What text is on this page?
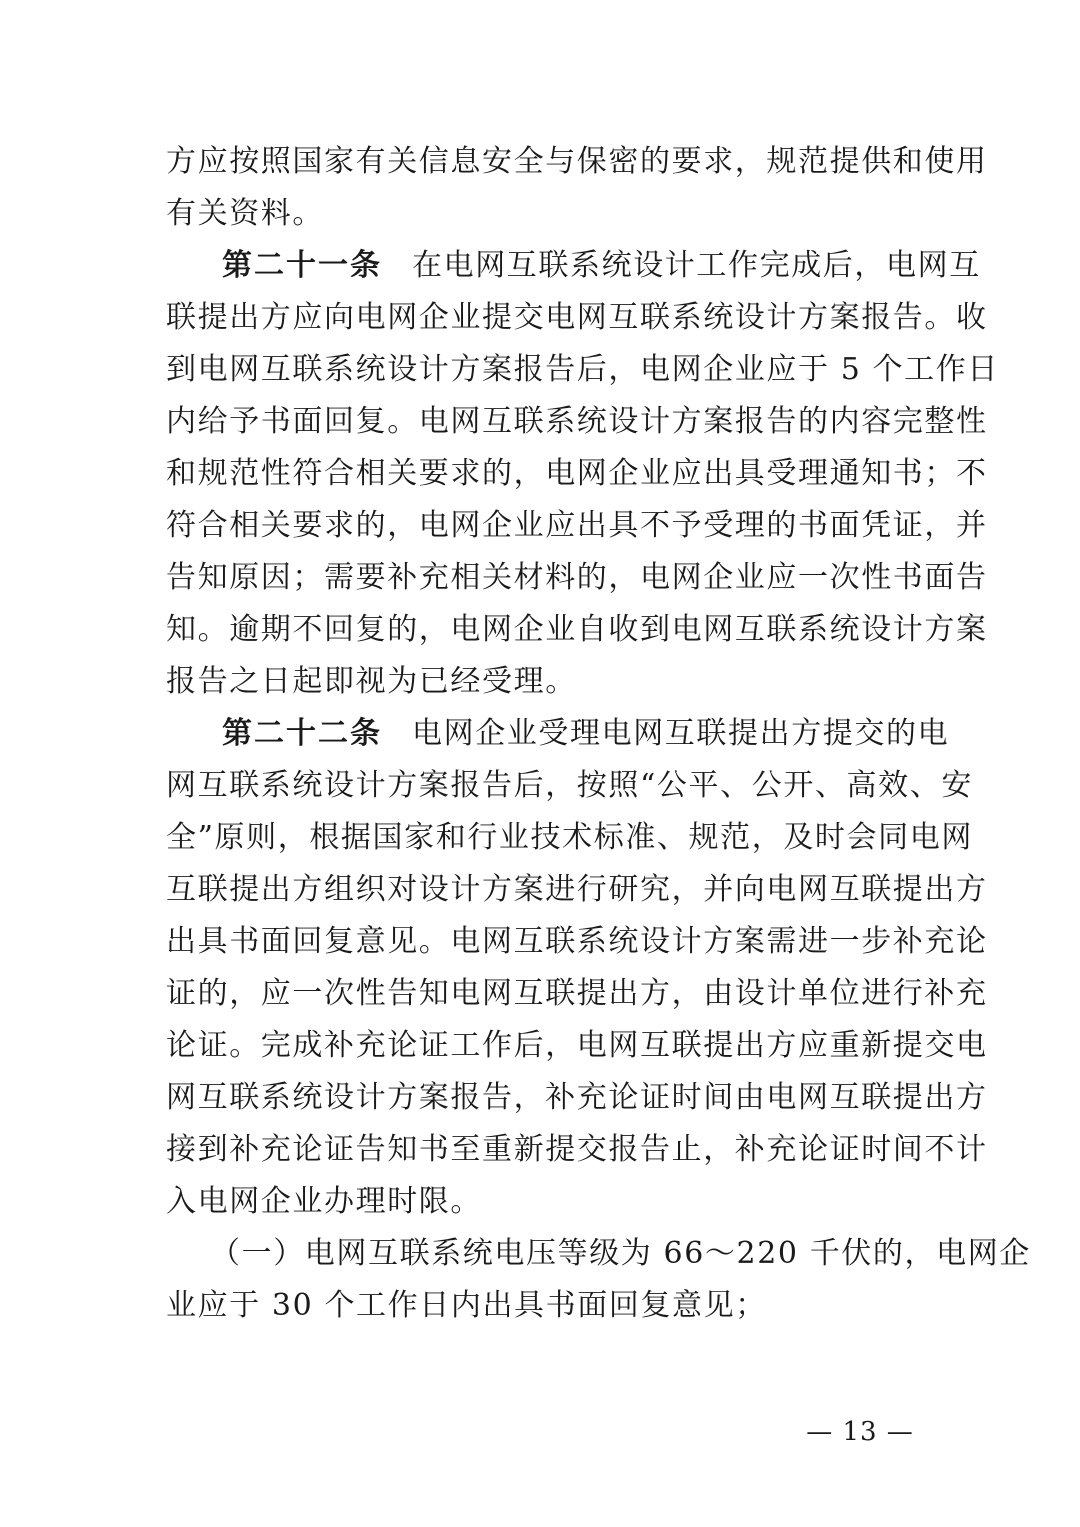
方应按照国家有关信息安全与保密的要求，规范提供和使用
有关资料。
第二十一条 在电网互联系统设计工作完成后，电网互
联提出方应向电网企业提交电网互联系统设计方案报告。收
到电网互联系统设计方案报告后，电网企业应于 5 个工作日
内给予书面回复。电网互联系统设计方案报告的内容完整性
和规范性符合相关要求的，电网企业应出具受理通知书；不
符合相关要求的，电网企业应出具不予受理的书面凭证，并
告知原因；需要补充相关材料的，电网企业应一次性书面告
知。逾期不回复的，电网企业自收到电网互联系统设计方案
报告之日起即视为已经受理。
第二十二条 电网企业受理电网互联提出方提交的电
网互联系统设计方案报告后，按照“公平、公开、高效、安
全”原则，根据国家和行业技术标准、规范，及时会同电网
互联提出方组织对设计方案进行研究，并向电网互联提出方
出具书面回复意见。电网互联系统设计方案需进一步补充论
证的，应一次性告知电网互联提出方，由设计单位进行补充
论证。完成补充论证工作后，电网互联提出方应重新提交电
网互联系统设计方案报告，补充论证时间由电网互联提出方
接到补充论证告知书至重新提交报告止，补充论证时间不计
入电网企业办理时限。
（一）电网互联系统电压等级为 66～220 千伏的，电网企
业应于 30 个工作日内出具书面回复意见；
— 13 —
